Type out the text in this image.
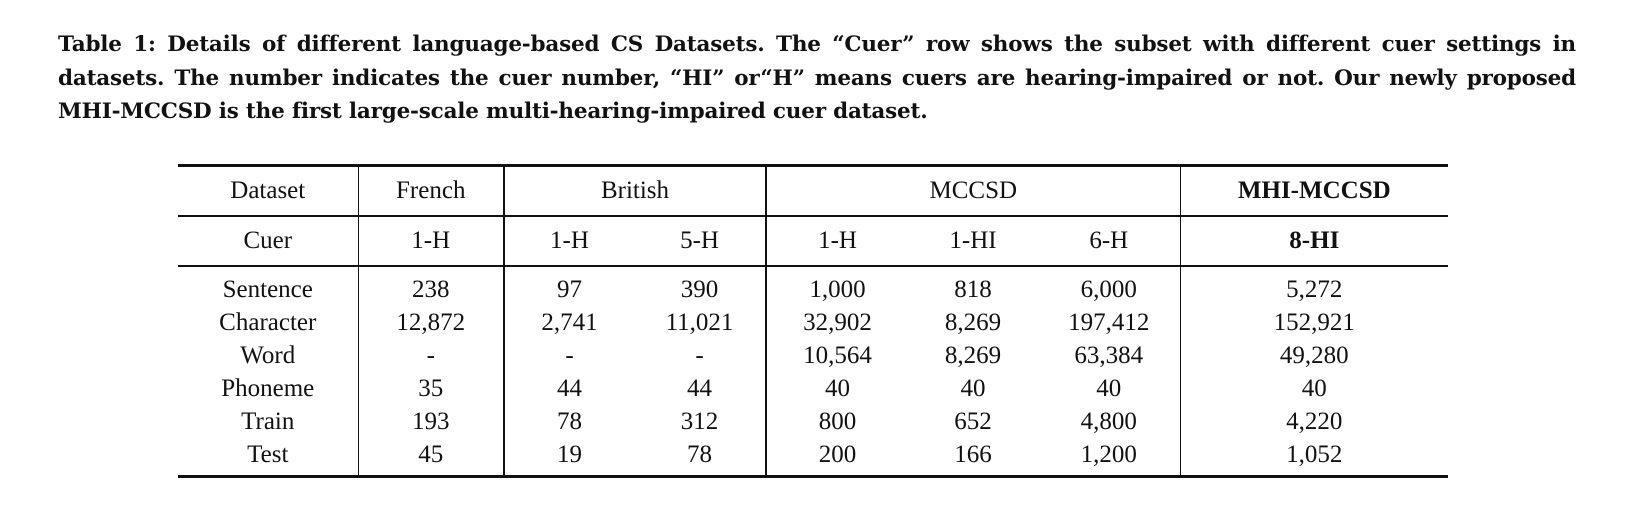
Table 1: Details of different language-based CS Datasets. The “Cuer” row shows the subset with different cuer settings in datasets. The number indicates the cuer number, “HI” or“H” means cuers are hearing-impaired or not. Our newly proposed MHI-MCCSD is the first large-scale multi-hearing-impaired cuer dataset.
Dataset	French	British		MCCSD			MHI-MCCSD
Cuer	1-H	1-H	5-H	1-H	1-HI	6-H	8-HI
Sentence	238	97	390	1,000	818	6,000	5,272
Character	12,872	2,741	11,021	32,902	8,269	197,412	152,921
Word	-	-	-	10,564	8,269	63,384	49,280
Phoneme	35	44	44	40	40	40	40
Train	193	78	312	800	652	4,800	4,220
Test	45	19	78	200	166	1,200	1,052
